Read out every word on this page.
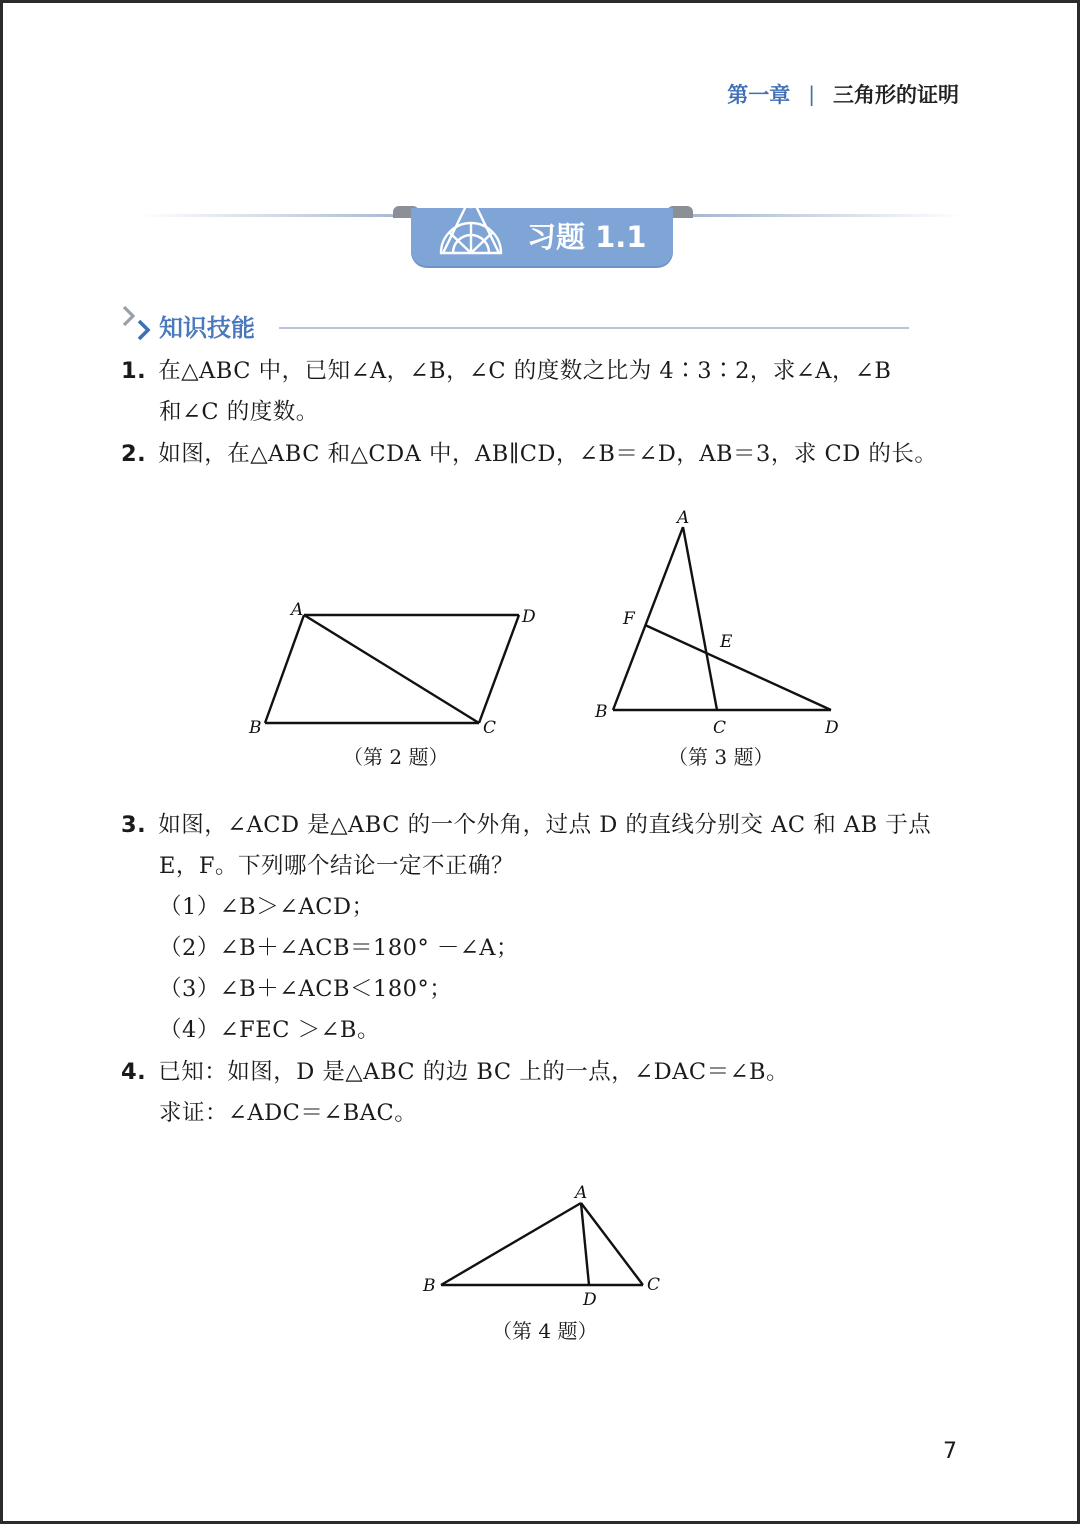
第一章 | 三角形的证明
习题 1.1
知识技能
1. 在△ABC 中，已知∠A，∠B，∠C 的度数之比为 4∶3∶2，求∠A，∠B
和∠C 的度数。
2. 如图，在△ABC 和△CDA 中，AB∥CD，∠B＝∠D，AB＝3，求 CD 的长。
A	D
B	C
（第 2 题）
A
F
E
B
C	D
（第 3 题）
3. 如图，∠ACD 是△ABC 的一个外角，过点 D 的直线分别交 AC 和 AB 于点
E，F。下列哪个结论一定不正确？
（1）∠B＞∠ACD；
（2）∠B＋∠ACB＝180° －∠A；
（3）∠B＋∠ACB＜180°；
（4）∠FEC ＞∠B。
4. 已知：如图，D 是△ABC 的边 BC 上的一点，∠DAC＝∠B。
求证：∠ADC＝∠BAC。
A
B	C
D
（第 4 题）
7
